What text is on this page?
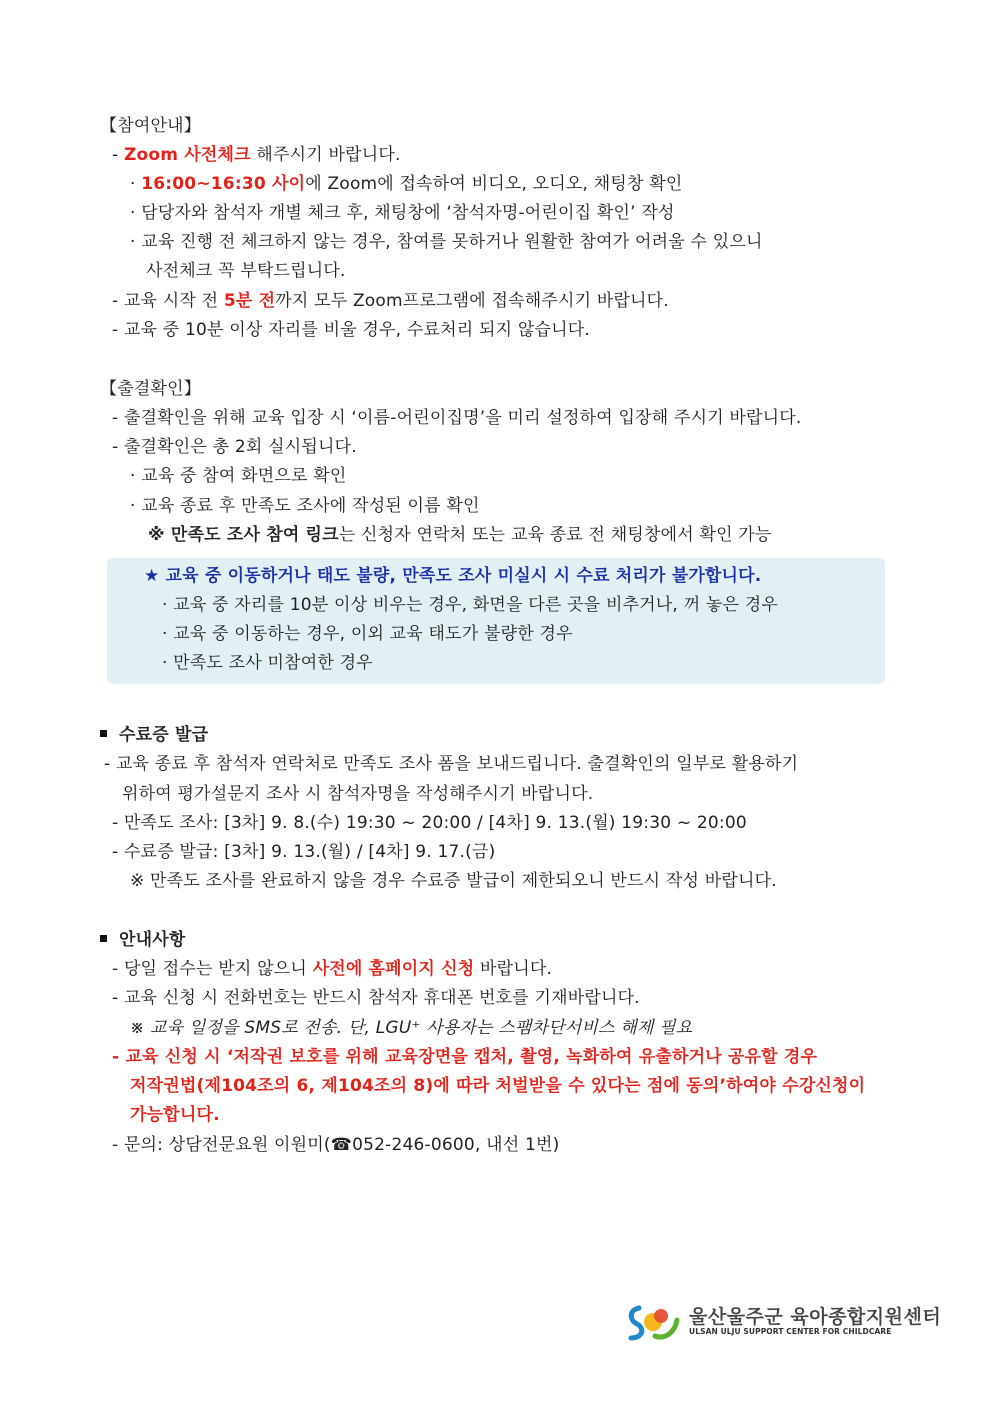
【참여안내】
- Zoom 사전체크 해주시기 바랍니다.
· 16:00~16:30 사이에 Zoom에 접속하여 비디오, 오디오, 채팅창 확인
· 담당자와 참석자 개별 체크 후, 채팅창에 ‘참석자명-어린이집 확인’ 작성
· 교육 진행 전 체크하지 않는 경우, 참여를 못하거나 원활한 참여가 어려울 수 있으니
사전체크 꼭 부탁드립니다.
- 교육 시작 전 5분 전까지 모두 Zoom프로그램에 접속해주시기 바랍니다.
- 교육 중 10분 이상 자리를 비울 경우, 수료처리 되지 않습니다.
【출결확인】
- 출결확인을 위해 교육 입장 시 ‘이름-어린이집명’을 미리 설정하여 입장해 주시기 바랍니다.
- 출결확인은 총 2회 실시됩니다.
· 교육 중 참여 화면으로 확인
· 교육 종료 후 만족도 조사에 작성된 이름 확인
※ 만족도 조사 참여 링크는 신청자 연락처 또는 교육 종료 전 채팅창에서 확인 가능
★ 교육 중 이동하거나 태도 불량, 만족도 조사 미실시 시 수료 처리가 불가합니다.
· 교육 중 자리를 10분 이상 비우는 경우, 화면을 다른 곳을 비추거나, 꺼 놓은 경우
· 교육 중 이동하는 경우, 이외 교육 태도가 불량한 경우
· 만족도 조사 미참여한 경우
수료증 발급
- 교육 종료 후 참석자 연락처로 만족도 조사 폼을 보내드립니다. 출결확인의 일부로 활용하기
위하여 평가설문지 조사 시 참석자명을 작성해주시기 바랍니다.
- 만족도 조사: [3차] 9. 8.(수) 19:30 ~ 20:00 / [4차] 9. 13.(월) 19:30 ~ 20:00
- 수료증 발급: [3차] 9. 13.(월) / [4차] 9. 17.(금)
※ 만족도 조사를 완료하지 않을 경우 수료증 발급이 제한되오니 반드시 작성 바랍니다.
안내사항
- 당일 접수는 받지 않으니 사전에 홈페이지 신청 바랍니다.
- 교육 신청 시 전화번호는 반드시 참석자 휴대폰 번호를 기재바랍니다.
※ 교육 일정을 SMS로 전송. 단, LGU⁺ 사용자는 스팸차단서비스 해제 필요
- 교육 신청 시 ‘저작권 보호를 위해 교육장면을 캡처, 촬영, 녹화하여 유출하거나 공유할 경우
저작권법(제104조의 6, 제104조의 8)에 따라 처벌받을 수 있다는 점에 동의’하여야 수강신청이
가능합니다.
- 문의: 상담전문요원 이원미(☎052-246-0600, 내선 1번)
울산울주군 육아종합지원센터
ULSAN ULJU SUPPORT CENTER FOR CHILDCARE
